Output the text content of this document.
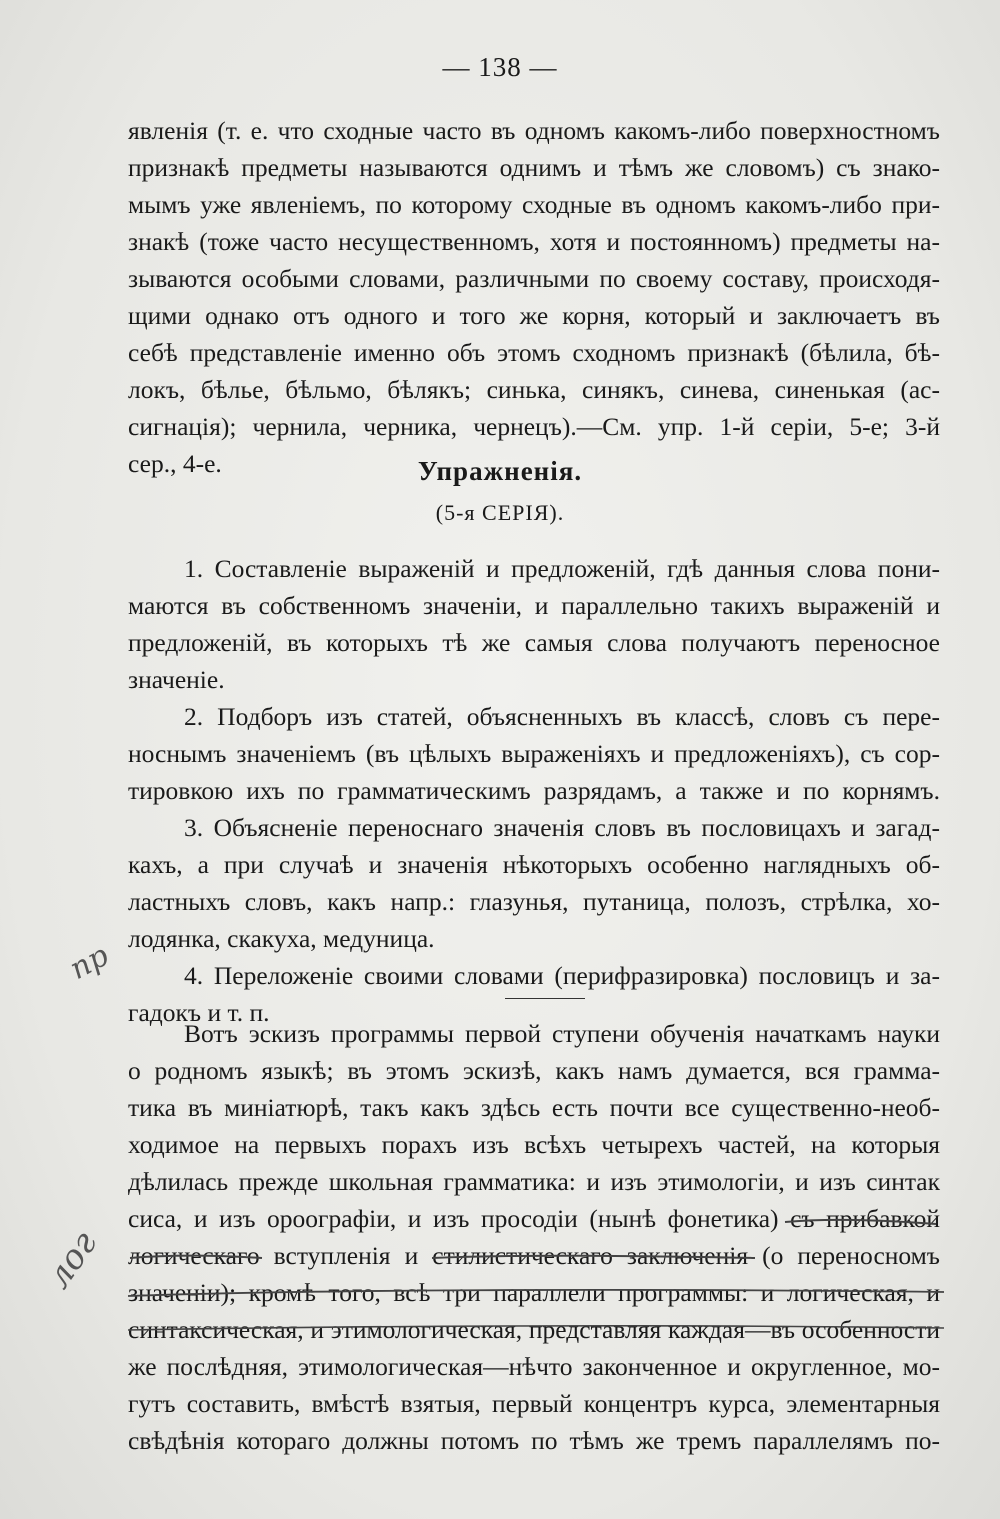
— 138 —
явленія (т. е. что сходные часто въ одномъ какомъ-либо поверхностномъ
признакѣ предметы называются однимъ и тѣмъ же словомъ) съ знако-
мымъ уже явленіемъ, по которому сходные въ одномъ какомъ-либо при-
знакѣ (тоже часто несущественномъ, хотя и постоянномъ) предметы на-
зываются особыми словами, различными по своему составу, происходя-
щими однако отъ одного и того же корня, который и заключаетъ въ
себѣ представленіе именно объ этомъ сходномъ признакѣ (бѣлила, бѣ-
локъ, бѣлье, бѣльмо, бѣлякъ; синька, синякъ, синева, синенькая (ас-
сигнація); чернила, черника, чернецъ).—См. упр. 1-й серіи, 5-е; 3-й
сер., 4-е.	Упражненія.
(5-я СЕРІЯ).
1. Составленіе выраженій и предложеній, гдѣ данныя слова пони-
маются въ собственномъ значеніи, и параллельно такихъ выраженій и
предложеній, въ которыхъ тѣ же самыя слова получаютъ переносное
значеніе.
2. Подборъ изъ статей, объясненныхъ въ классѣ, словъ съ пере-
носнымъ значеніемъ (въ цѣлыхъ выраженіяхъ и предложеніяхъ), съ сор-
тировкою ихъ по грамматическимъ разрядамъ, а также и по корнямъ.
3. Объясненіе переноснаго значенія словъ въ пословицахъ и загад-
кахъ, а при случаѣ и значенія нѣкоторыхъ особенно наглядныхъ об-
ластныхъ словъ, какъ напр.: глазунья, путаница, полозъ, стрѣлка, хо-
лодянка, скакуха, медуница.
4. Переложеніе своими словами (перифразировка) пословицъ и за-
гадокъ и т. п.
Вотъ эскизъ программы первой ступени обученія начаткамъ науки
о родномъ языкѣ; въ этомъ эскизѣ, какъ намъ думается, вся грамма-
тика въ миніатюрѣ, такъ какъ здѣсь есть почти все существенно-необ-
ходимое на первыхъ порахъ изъ всѣхъ четырехъ частей, на которыя
дѣлилась прежде школьная грамматика: и изъ этимологіи, и изъ синтак
сиса, и изъ ороографіи, и изъ просодіи (нынѣ фонетика) съ прибавкой
логическаго вступленія и стилистическаго заключенія (о переносномъ
значеніи); кромѣ того, всѣ три параллели программы: и логическая, и
синтаксическая, и этимологическая, представляя каждая—въ особенности
же послѣдняя, этимологическая—нѣчто законченное и округленное, мо-
гутъ составить, вмѣстѣ взятыя, первый концентръ курса, элементарныя
свѣдѣнія котораго должны потомъ по тѣмъ же тремъ параллелямъ по-
пр
лог
